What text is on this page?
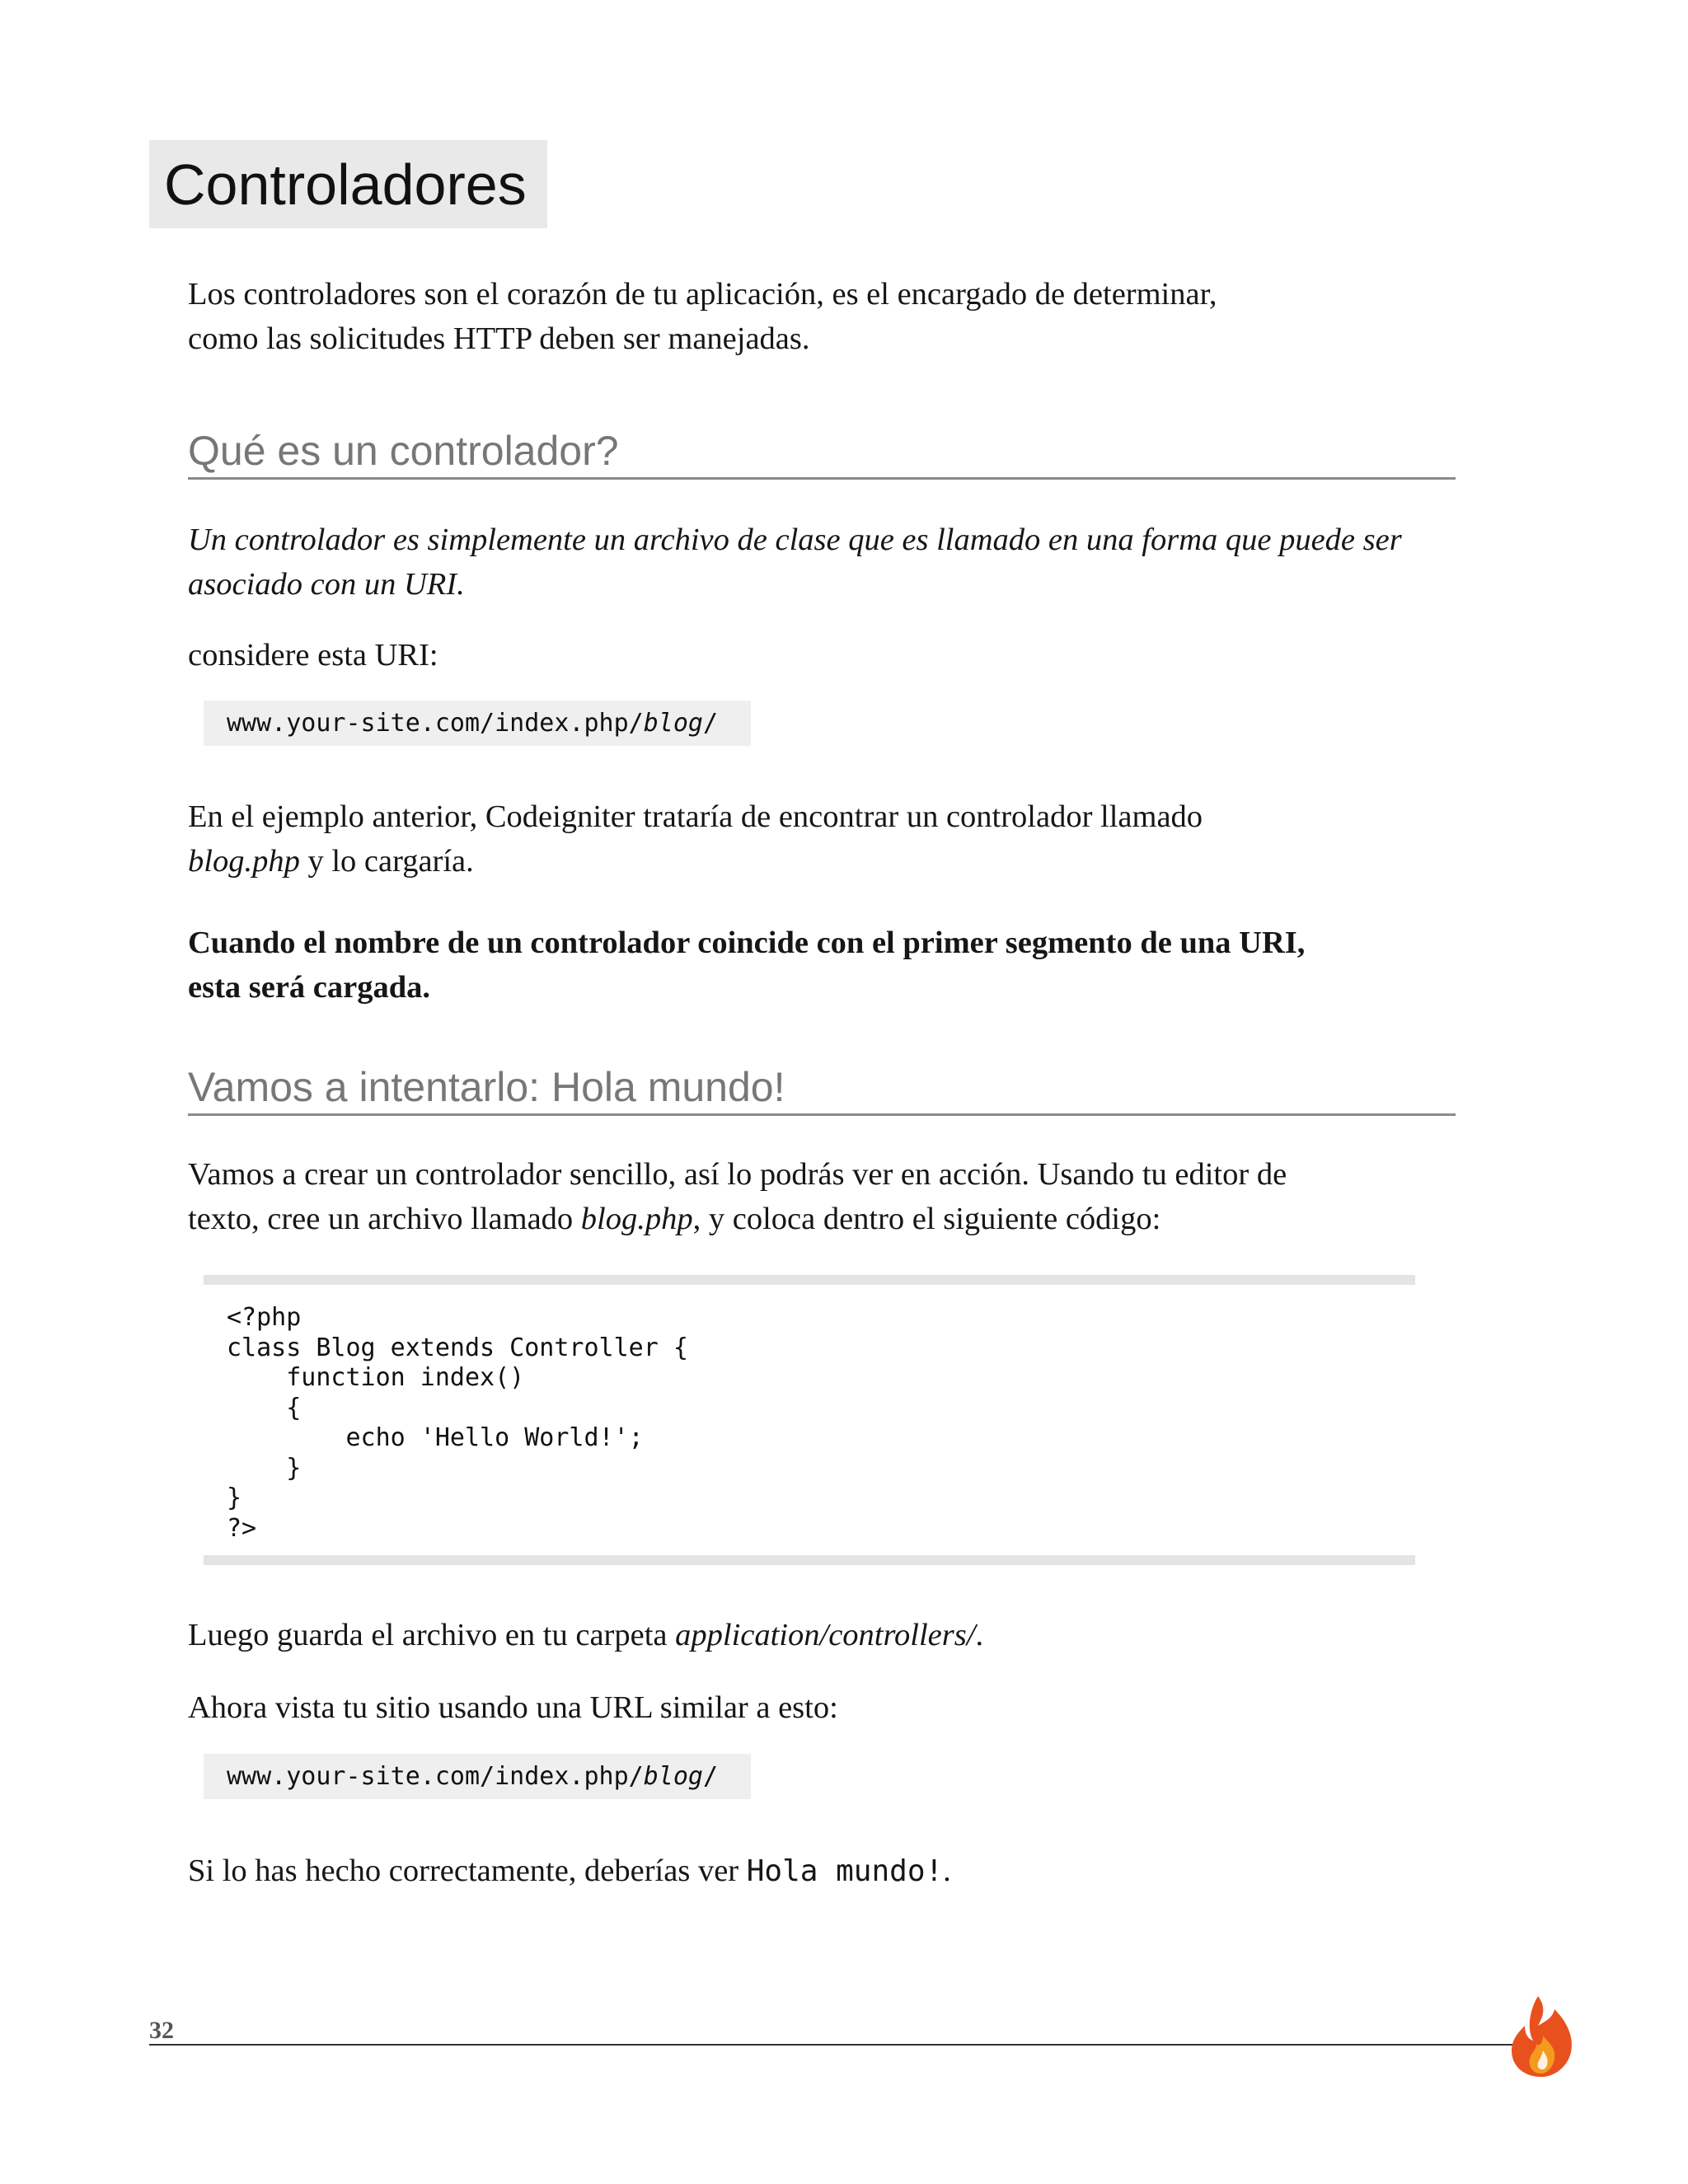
Controladores

Los controladores son el corazón de tu aplicación, es el encargado de determinar,

como las solicitudes HTTP deben ser manejadas.

Qué es un controlador?

Un controlador es simplemente un archivo de clase que es llamado en una forma que puede ser

asociado con un URI.

considere esta URI:

www.your-site.com/index.php/blog/

En el ejemplo anterior, Codeigniter trataría de encontrar un controlador llamado

blog.php y lo cargaría.

Cuando el nombre de un controlador coincide con el primer segmento de una URI,

esta será cargada.

Vamos a intentarlo: Hola mundo!

Vamos a crear un controlador sencillo, así lo podrás ver en acción. Usando tu editor de

texto, cree un archivo llamado blog.php, y coloca dentro el siguiente código:

<?php
class Blog extends Controller {
function index()
{
echo 'Hello World!';
}
}
?>

Luego guarda el archivo en tu carpeta application/controllers/.

Ahora vista tu sitio usando una URL similar a esto:

www.your-site.com/index.php/blog/

Si lo has hecho correctamente, deberías ver Hola mundo!.

32
